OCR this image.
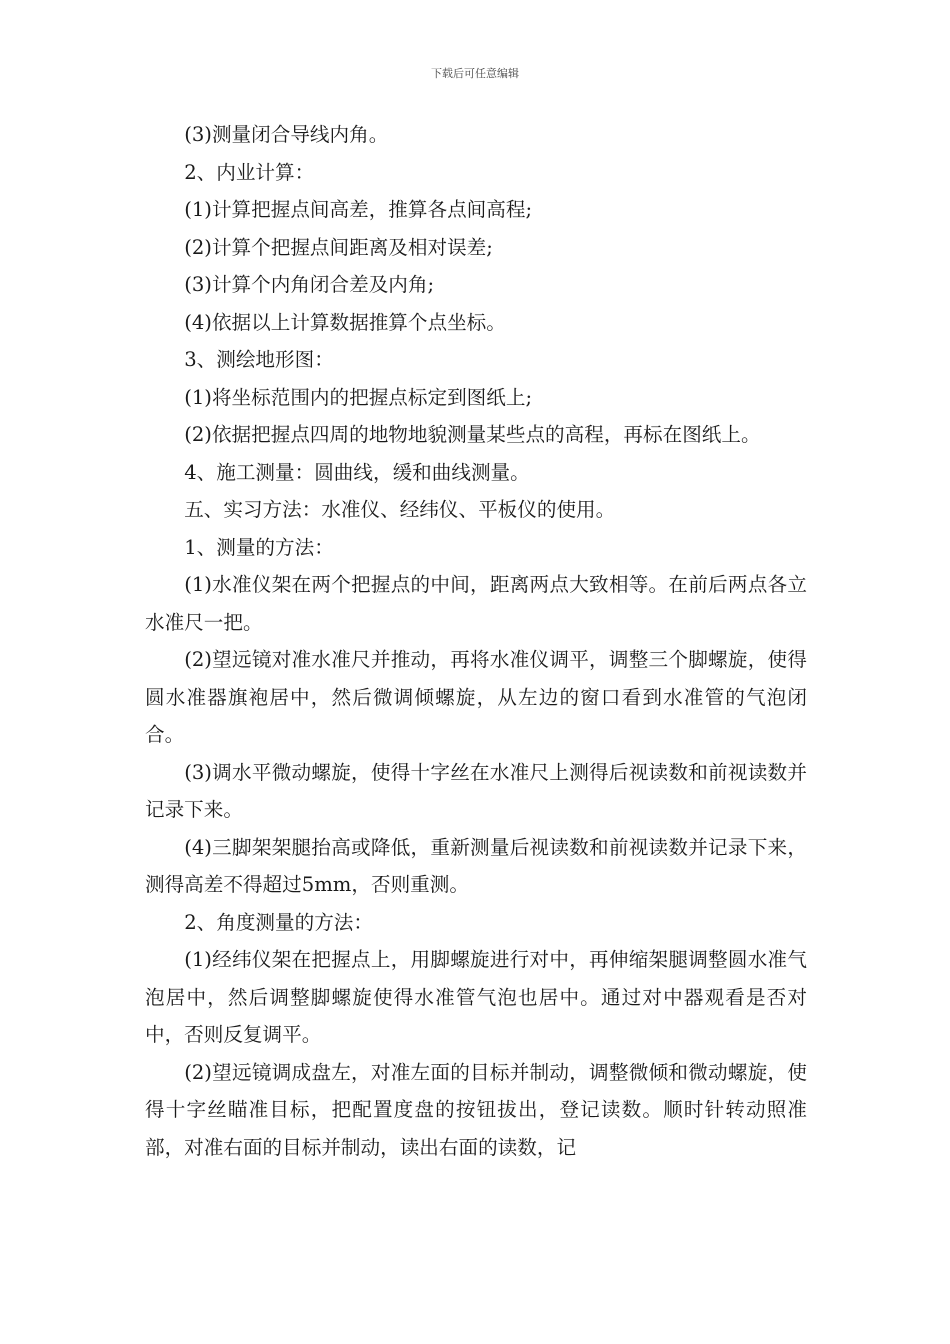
下载后可任意编辑

(3)测量闭合导线内角。

2、内业计算：

(1)计算把握点间高差，推算各点间高程;

(2)计算个把握点间距离及相对误差;

(3)计算个内角闭合差及内角;

(4)依据以上计算数据推算个点坐标。

3、测绘地形图：

(1)将坐标范围内的把握点标定到图纸上;

(2)依据把握点四周的地物地貌测量某些点的高程，再标在图纸上。

4、施工测量：圆曲线，缓和曲线测量。

五、实习方法：水准仪、经纬仪、平板仪的使用。

1、测量的方法：

(1)水准仪架在两个把握点的中间，距离两点大致相等。在前后两点各立水准尺一把。

(2)望远镜对准水准尺并推动，再将水准仪调平，调整三个脚螺旋，使得圆水准器旗袍居中，然后微调倾螺旋，从左边的窗口看到水准管的气泡闭合。

(3)调水平微动螺旋，使得十字丝在水准尺上测得后视读数和前视读数并记录下来。

(4)三脚架架腿抬高或降低，重新测量后视读数和前视读数并记录下来，测得高差不得超过5mm，否则重测。

2、角度测量的方法：

(1)经纬仪架在把握点上，用脚螺旋进行对中，再伸缩架腿调整圆水准气泡居中，然后调整脚螺旋使得水准管气泡也居中。通过对中器观看是否对中，否则反复调平。

(2)望远镜调成盘左，对准左面的目标并制动，调整微倾和微动螺旋，使得十字丝瞄准目标，把配置度盘的按钮拔出，登记读数。顺时针转动照准部，对准右面的目标并制动，读出右面的读数，记
